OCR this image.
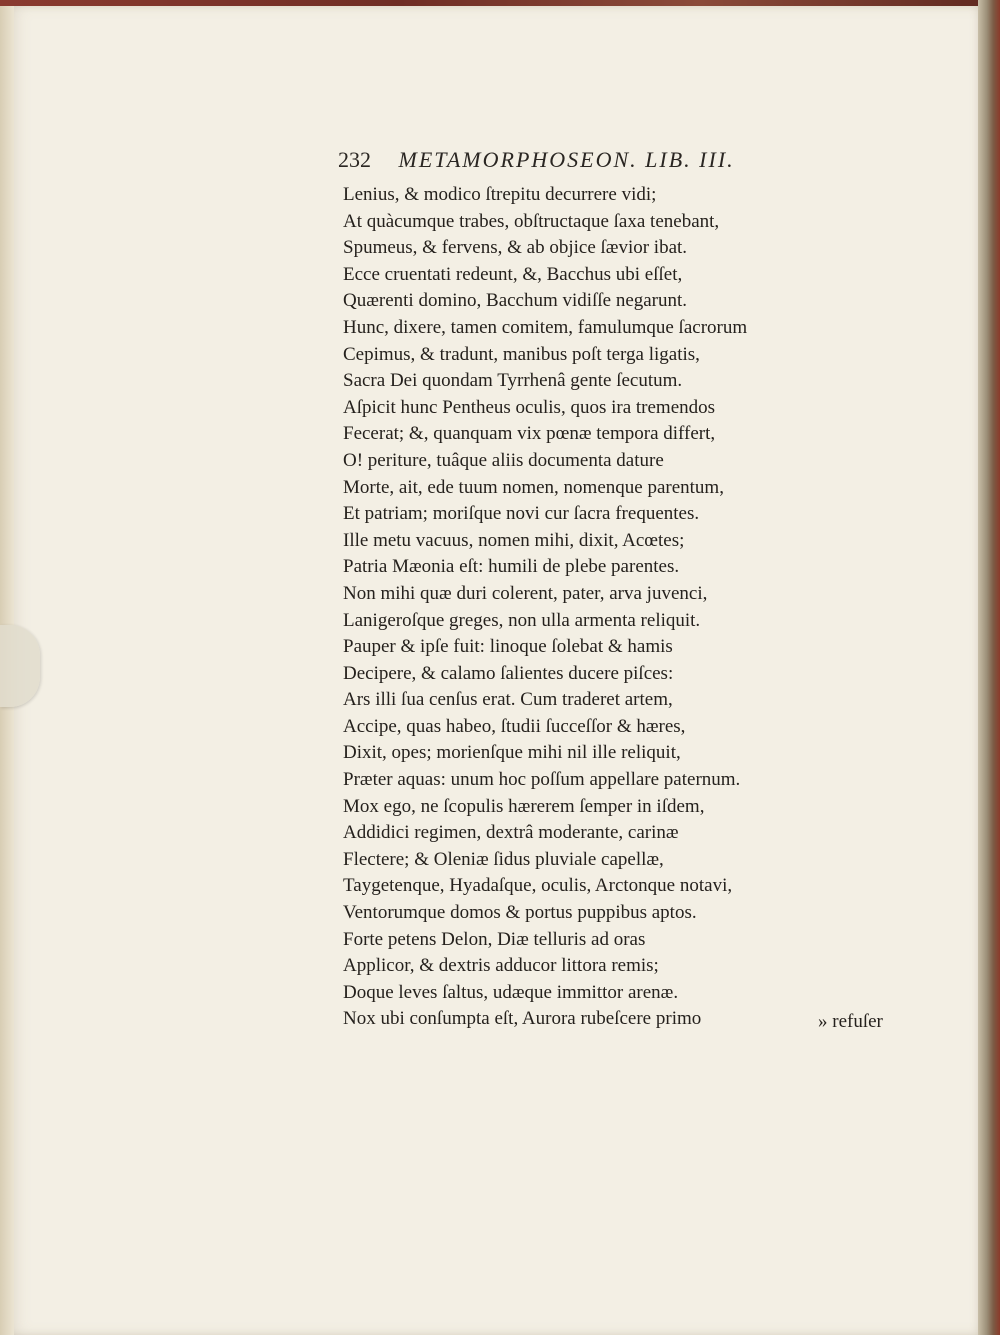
232 METAMORPHOSEON. LIB. III.
Lenius, & modico ſtrepitu decurrere vidi;
At quàcumque trabes, obſtructaque ſaxa tenebant,
Spumeus, & fervens, & ab objice ſævior ibat.
Ecce cruentati redeunt, &, Bacchus ubi eſſet,
Quærenti domino, Bacchum vidiſſe negarunt.
Hunc, dixere, tamen comitem, famulumque ſacrorum
Cepimus, & tradunt, manibus poſt terga ligatis,
Sacra Dei quondam Tyrrhenâ gente ſecutum.
Aſpicit hunc Pentheus oculis, quos ira tremendos
Fecerat; &, quanquam vix pœnæ tempora differt,
O! periture, tuâque aliis documenta dature
Morte, ait, ede tuum nomen, nomenque parentum,
Et patriam; moriſque novi cur ſacra frequentes.
Ille metu vacuus, nomen mihi, dixit, Acœtes;
Patria Mæonia eſt: humili de plebe parentes.
Non mihi quæ duri colerent, pater, arva juvenci,
Lanigeroſque greges, non ulla armenta reliquit.
Pauper & ipſe fuit: linoque ſolebat & hamis
Decipere, & calamo ſalientes ducere piſces:
Ars illi ſua cenſus erat. Cum traderet artem,
Accipe, quas habeo, ſtudii ſucceſſor & hæres,
Dixit, opes; morienſque mihi nil ille reliquit,
Præter aquas: unum hoc poſſum appellare paternum.
Mox ego, ne ſcopulis hærerem ſemper in iſdem,
Addidici regimen, dextrâ moderante, carinæ
Flectere; & Oleniæ ſidus pluviale capellæ,
Taygetenque, Hyadaſque, oculis, Arctonque notavi,
Ventorumque domos & portus puppibus aptos.
Forte petens Delon, Diæ telluris ad oras
Applicor, & dextris adducor littora remis;
Doque leves ſaltus, udæque immittor arenæ.
Nox ubi conſumpta eſt, Aurora rubeſcere primo	» refuſer
